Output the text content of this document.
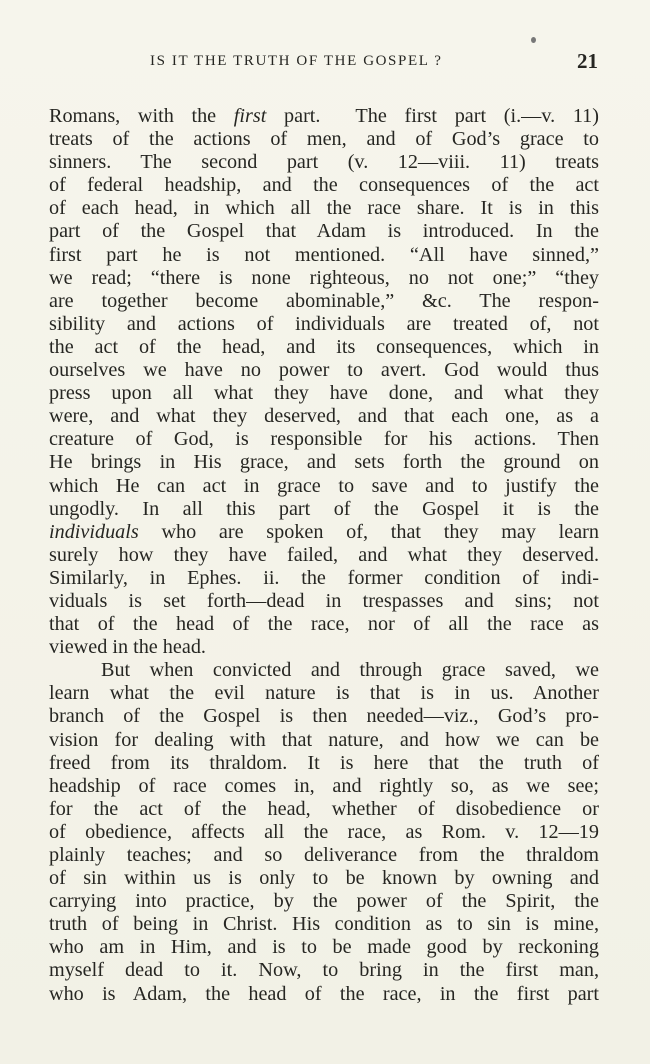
IS IT THE TRUTH OF THE GOSPEL ?	21
Romans, with the first part.  The first part (i.—v. 11)
treats of the actions of men, and of God’s grace to
sinners. The second part (v. 12—viii. 11) treats
of federal headship, and the consequences of the act
of each head, in which all the race share. It is in this
part of the Gospel that Adam is introduced. In the
first part he is not mentioned. “All have sinned,”
we read; “there is none righteous, no not one;” “they
are together become abominable,” &c. The respon-
sibility and actions of individuals are treated of, not
the act of the head, and its consequences, which in
ourselves we have no power to avert. God would thus
press upon all what they have done, and what they
were, and what they deserved, and that each one, as a
creature of God, is responsible for his actions. Then
He brings in His grace, and sets forth the ground on
which He can act in grace to save and to justify the
ungodly. In all this part of the Gospel it is the
individuals who are spoken of, that they may learn
surely how they have failed, and what they deserved.
Similarly, in Ephes. ii. the former condition of indi-
viduals is set forth—dead in trespasses and sins; not
that of the head of the race, nor of all the race as
viewed in the head.
But when convicted and through grace saved, we
learn what the evil nature is that is in us. Another
branch of the Gospel is then needed—viz., God’s pro-
vision for dealing with that nature, and how we can be
freed from its thraldom. It is here that the truth of
headship of race comes in, and rightly so, as we see;
for the act of the head, whether of disobedience or
of obedience, affects all the race, as Rom. v. 12—19
plainly teaches; and so deliverance from the thraldom
of sin within us is only to be known by owning and
carrying into practice, by the power of the Spirit, the
truth of being in Christ. His condition as to sin is mine,
who am in Him, and is to be made good by reckoning
myself dead to it. Now, to bring in the first man,
who is Adam, the head of the race, in the first part
